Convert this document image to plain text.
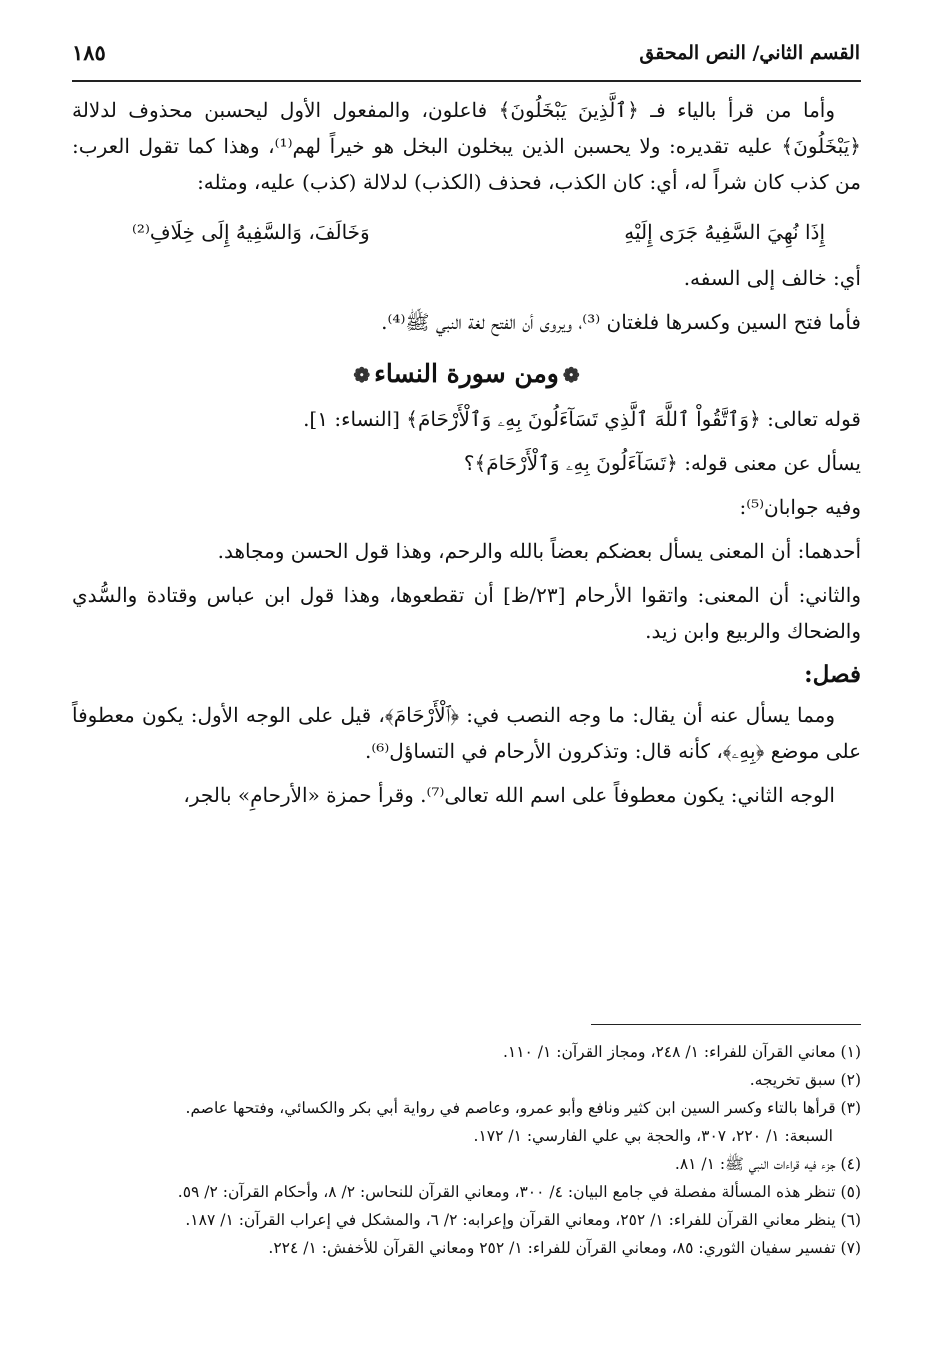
القسم الثاني/ النص المحقق
١٨٥

وأما من قرأ بالياء فـ ﴿ٱلَّذِينَ يَبْخَلُونَ﴾ فاعلون، والمفعول الأول ليحسبن محذوف لدلالة ﴿يَبْخَلُونَ﴾ عليه تقديره: ولا يحسبن الذين يبخلون البخل هو خيراً لهم⁽¹⁾، وهذا كما تقول العرب: من كذب كان شراً له، أي: كان الكذب، فحذف (الكذب) لدلالة (كذب) عليه، ومثله:

إِذَا نُهِيَ السَّفِيهُ جَرَى إِلَيْهِ
وَخَالَفَ، وَالسَّفِيهُ إِلَى خِلَافِ⁽²⁾

أي: خالف إلى السفه.

فأما فتح السين وكسرها فلغتان ⁽³⁾، ويروى أن الفتح لغة النبي ﷺ⁽⁴⁾.

❁ومن سورة النساء❁

قوله تعالى: ﴿وَٱتَّقُواْ ٱللَّهَ ٱلَّذِي تَسَآءَلُونَ بِهِۦ وَٱلْأَرْحَامَ﴾ [النساء: ١].

يسأل عن معنى قوله: ﴿تَسَآءَلُونَ بِهِۦ وَٱلْأَرْحَامَ﴾؟

وفيه جوابان⁽⁵⁾:

أحدهما: أن المعنى يسأل بعضكم بعضاً بالله والرحم، وهذا قول الحسن ومجاهد.

والثاني: أن المعنى: واتقوا الأرحام [٢٣/ظ] أن تقطعوها، وهذا قول ابن عباس وقتادة والسُّدي والضحاك والربيع وابن زيد.

فصل:

ومما يسأل عنه أن يقال: ما وجه النصب في: ﴿ٱلْأَرْحَامَ﴾، قيل على الوجه الأول: يكون معطوفاً على موضع ﴿بِهِۦ﴾، كأنه قال: وتذكرون الأرحام في التساؤل⁽⁶⁾.

الوجه الثاني: يكون معطوفاً على اسم الله تعالى⁽⁷⁾. وقرأ حمزة «الأرحامِ» بالجر،

(١) معاني القرآن للفراء: ١/ ٢٤٨، ومجاز القرآن: ١/ ١١٠.

(٢) سبق تخريجه.

(٣) قرأها بالتاء وكسر السين ابن كثير ونافع وأبو عمرو، وعاصم في رواية أبي بكر والكسائي، وفتحها عاصم.

السبعة: ١/ ٢٢٠، ٣٠٧، والحجة بي علي الفارسي: ١/ ١٧٢.

(٤) جزء فيه قراءات النبي ﷺ: ١/ ٨١.

(٥) تنظر هذه المسألة مفصلة في جامع البيان: ٤/ ٣٠٠، ومعاني القرآن للنحاس: ٢/ ٨، وأحكام القرآن: ٢/ ٥٩.

(٦) ينظر معاني القرآن للفراء: ١/ ٢٥٢، ومعاني القرآن وإعرابه: ٢/ ٦، والمشكل في إعراب القرآن: ١/ ١٨٧.

(٧) تفسير سفيان الثوري: ٨٥، ومعاني القرآن للفراء: ١/ ٢٥٢ ومعاني القرآن للأخفش: ١/ ٢٢٤.
